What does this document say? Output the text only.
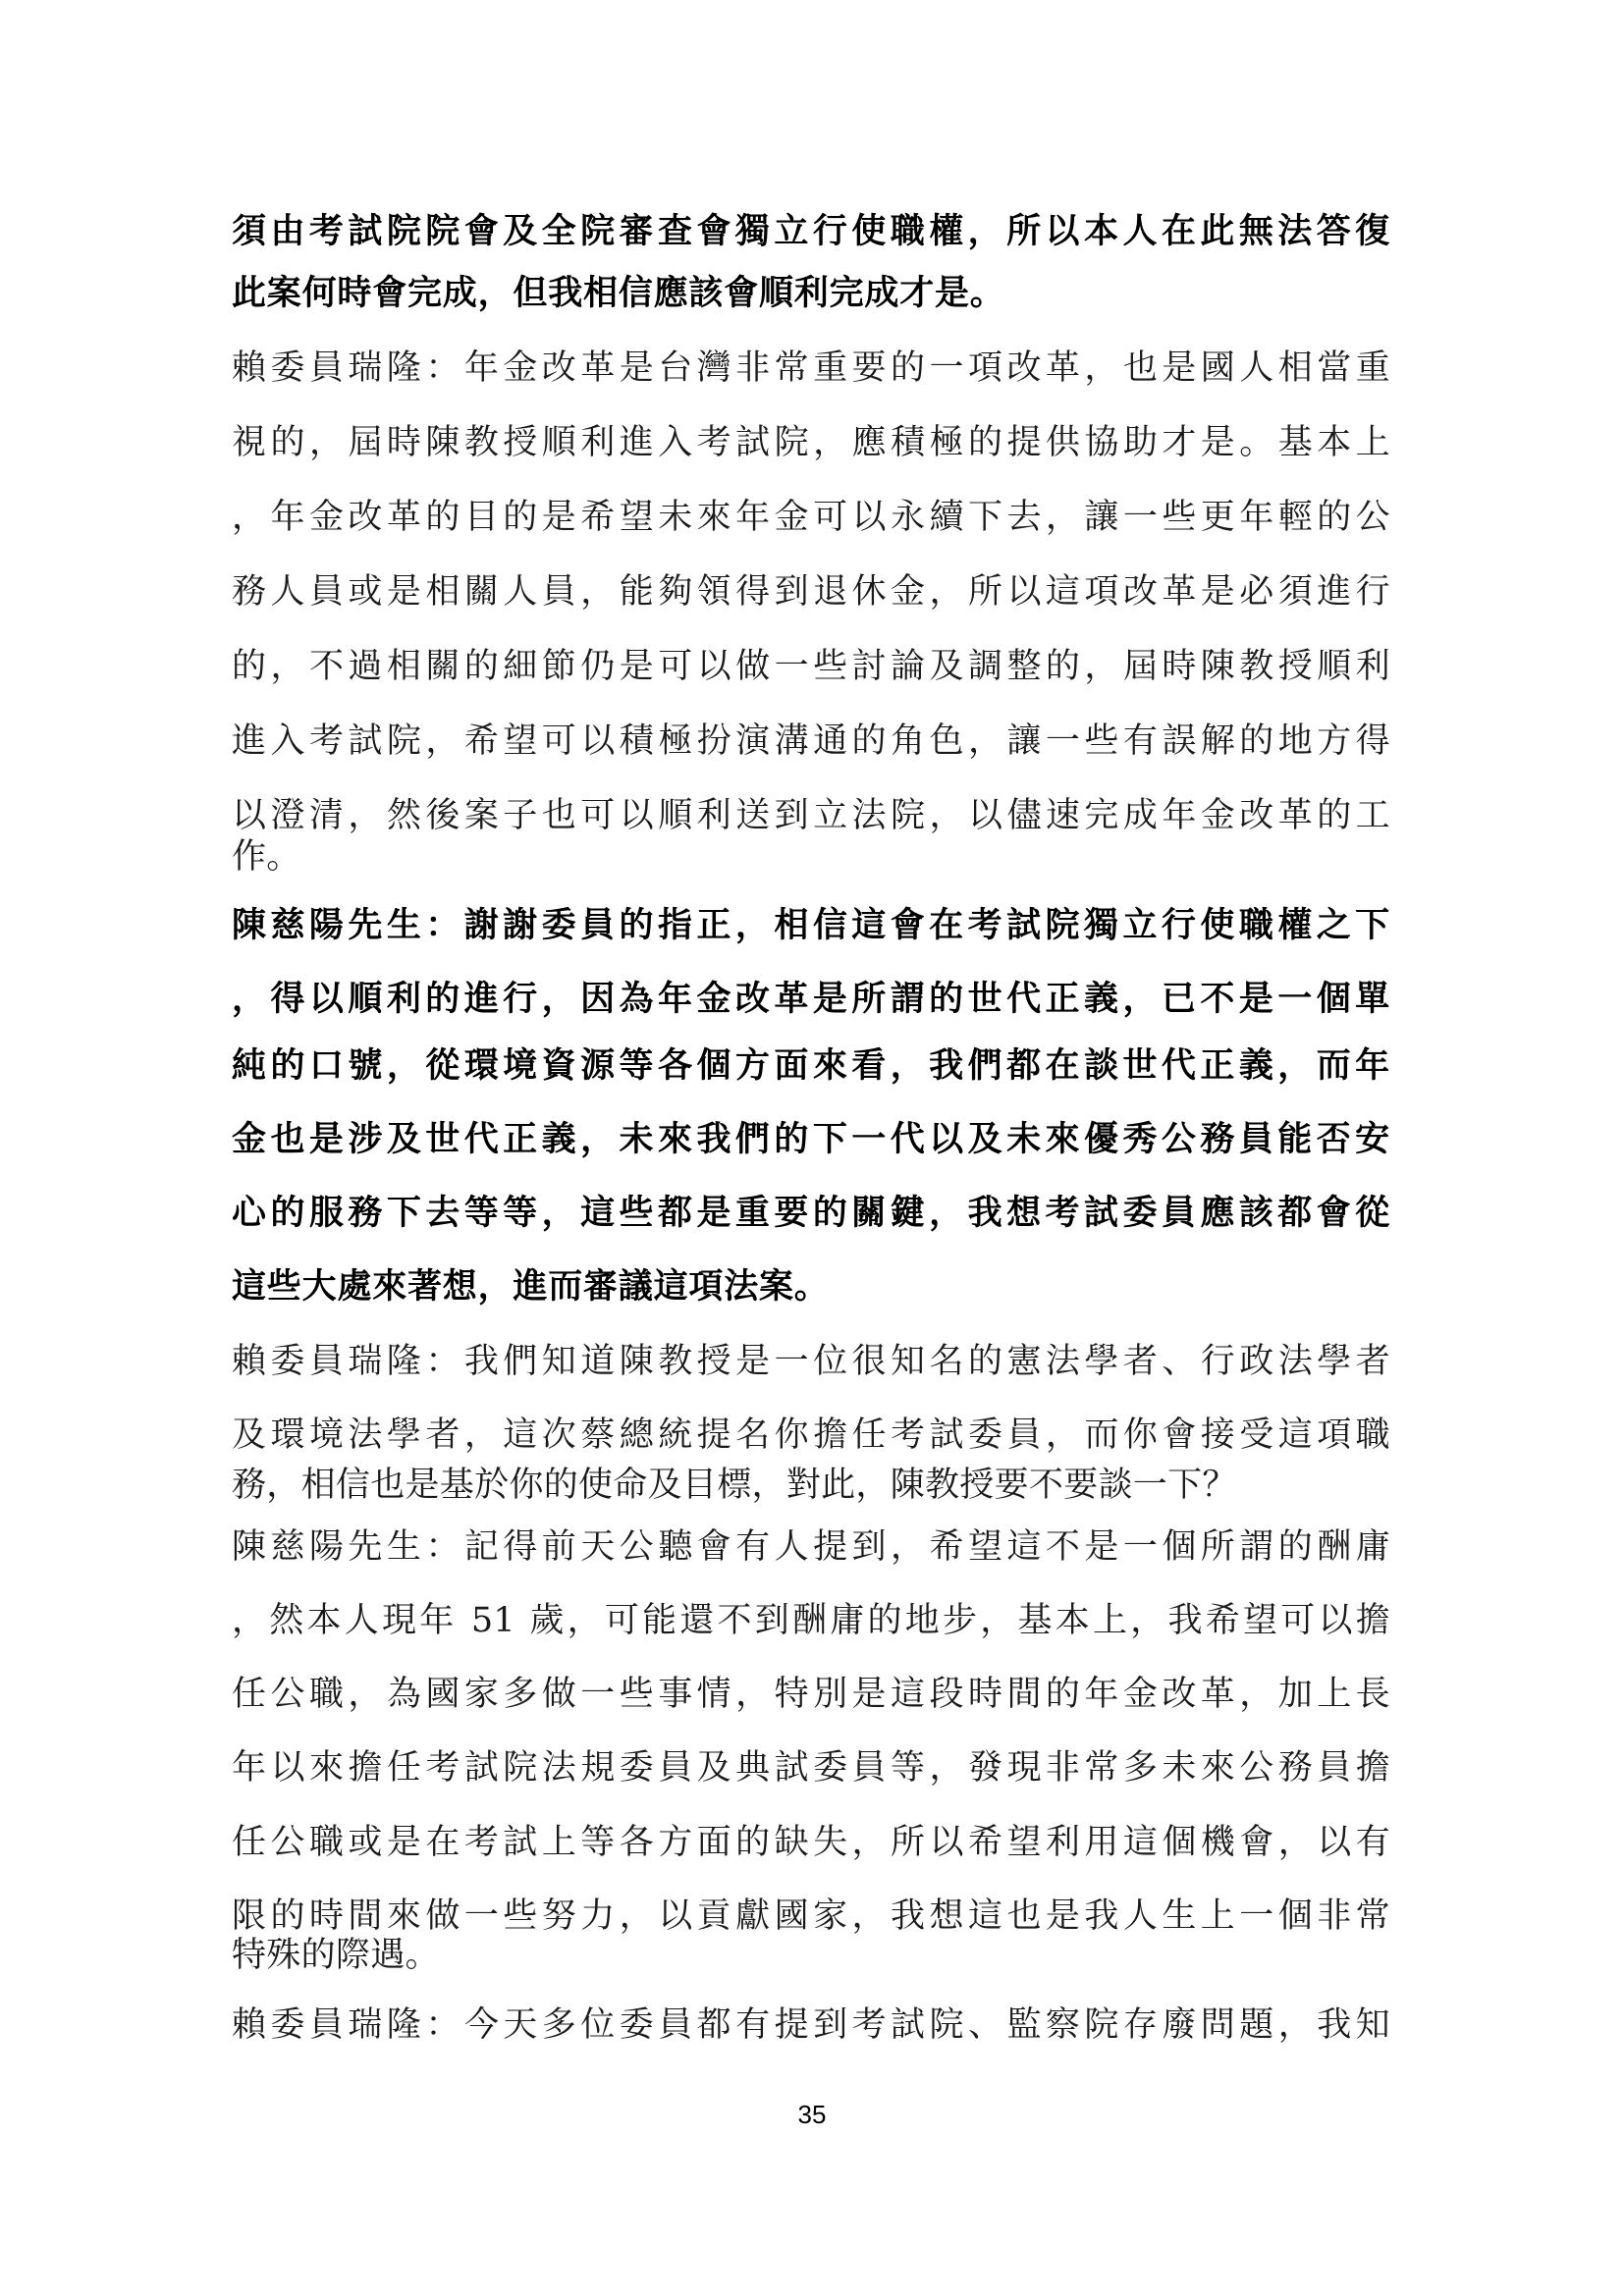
須由考試院院會及全院審查會獨立行使職權，所以本人在此無法答復
此案何時會完成，但我相信應該會順利完成才是。
賴委員瑞隆：年金改革是台灣非常重要的一項改革，也是國人相當重
視的，屆時陳教授順利進入考試院，應積極的提供協助才是。基本上
，年金改革的目的是希望未來年金可以永續下去，讓一些更年輕的公
務人員或是相關人員，能夠領得到退休金，所以這項改革是必須進行
的，不過相關的細節仍是可以做一些討論及調整的，屆時陳教授順利
進入考試院，希望可以積極扮演溝通的角色，讓一些有誤解的地方得
以澄清，然後案子也可以順利送到立法院，以儘速完成年金改革的工
作。
陳慈陽先生：謝謝委員的指正，相信這會在考試院獨立行使職權之下
，得以順利的進行，因為年金改革是所謂的世代正義，已不是一個單
純的口號，從環境資源等各個方面來看，我們都在談世代正義，而年
金也是涉及世代正義，未來我們的下一代以及未來優秀公務員能否安
心的服務下去等等，這些都是重要的關鍵，我想考試委員應該都會從
這些大處來著想，進而審議這項法案。
賴委員瑞隆：我們知道陳教授是一位很知名的憲法學者、行政法學者
及環境法學者，這次蔡總統提名你擔任考試委員，而你會接受這項職
務，相信也是基於你的使命及目標，對此，陳教授要不要談一下？
陳慈陽先生：記得前天公聽會有人提到，希望這不是一個所謂的酬庸
，然本人現年 51 歲，可能還不到酬庸的地步，基本上，我希望可以擔
任公職，為國家多做一些事情，特別是這段時間的年金改革，加上長
年以來擔任考試院法規委員及典試委員等，發現非常多未來公務員擔
任公職或是在考試上等各方面的缺失，所以希望利用這個機會，以有
限的時間來做一些努力，以貢獻國家，我想這也是我人生上一個非常
特殊的際遇。
賴委員瑞隆：今天多位委員都有提到考試院、監察院存廢問題，我知
35
